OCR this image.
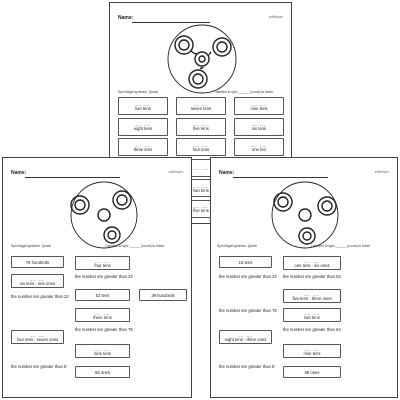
Name:	edHelper
Spin fidget spinners. Quick!	I needed to spin ______ (count) to finish.
__ __
two tens
__ __
seven tens
__ __
nine tens
__ __
eight tens
__ __
five tens
__ __
six tens
__ __
three tens
__ __
four tens
__ __
one ten
__ __
__ __
two tens
__ __
five tens
Name:	edHelper
Spin fidget spinners. Quick!	I needed to spin ______ (count) to finish.
79 hundreds
__ __
six tens - one ones
the number ten greater than 22
__ __
four tens - seven ones
the number ten greater than 8
__ __
four tens
the number ten greater than 23
52 tens
__ __
three tens
the number ten greater than 75
__ __
nine tens
55 ones
39 hundreds
Name:	edHelper
Spin fidget spinners. Quick!	I needed to spin ______ (count) to finish.
15 tens
the number ten greater than 23
the number ten greater than 76
__ __
eight tens - three ones
the number ten greater than 8
__ __
one tens - six ones
the number ten greater than 53
__ __
five tens - three ones
__ __
two tens
the number ten greater than 64
__ __
nine tens
88 ones
